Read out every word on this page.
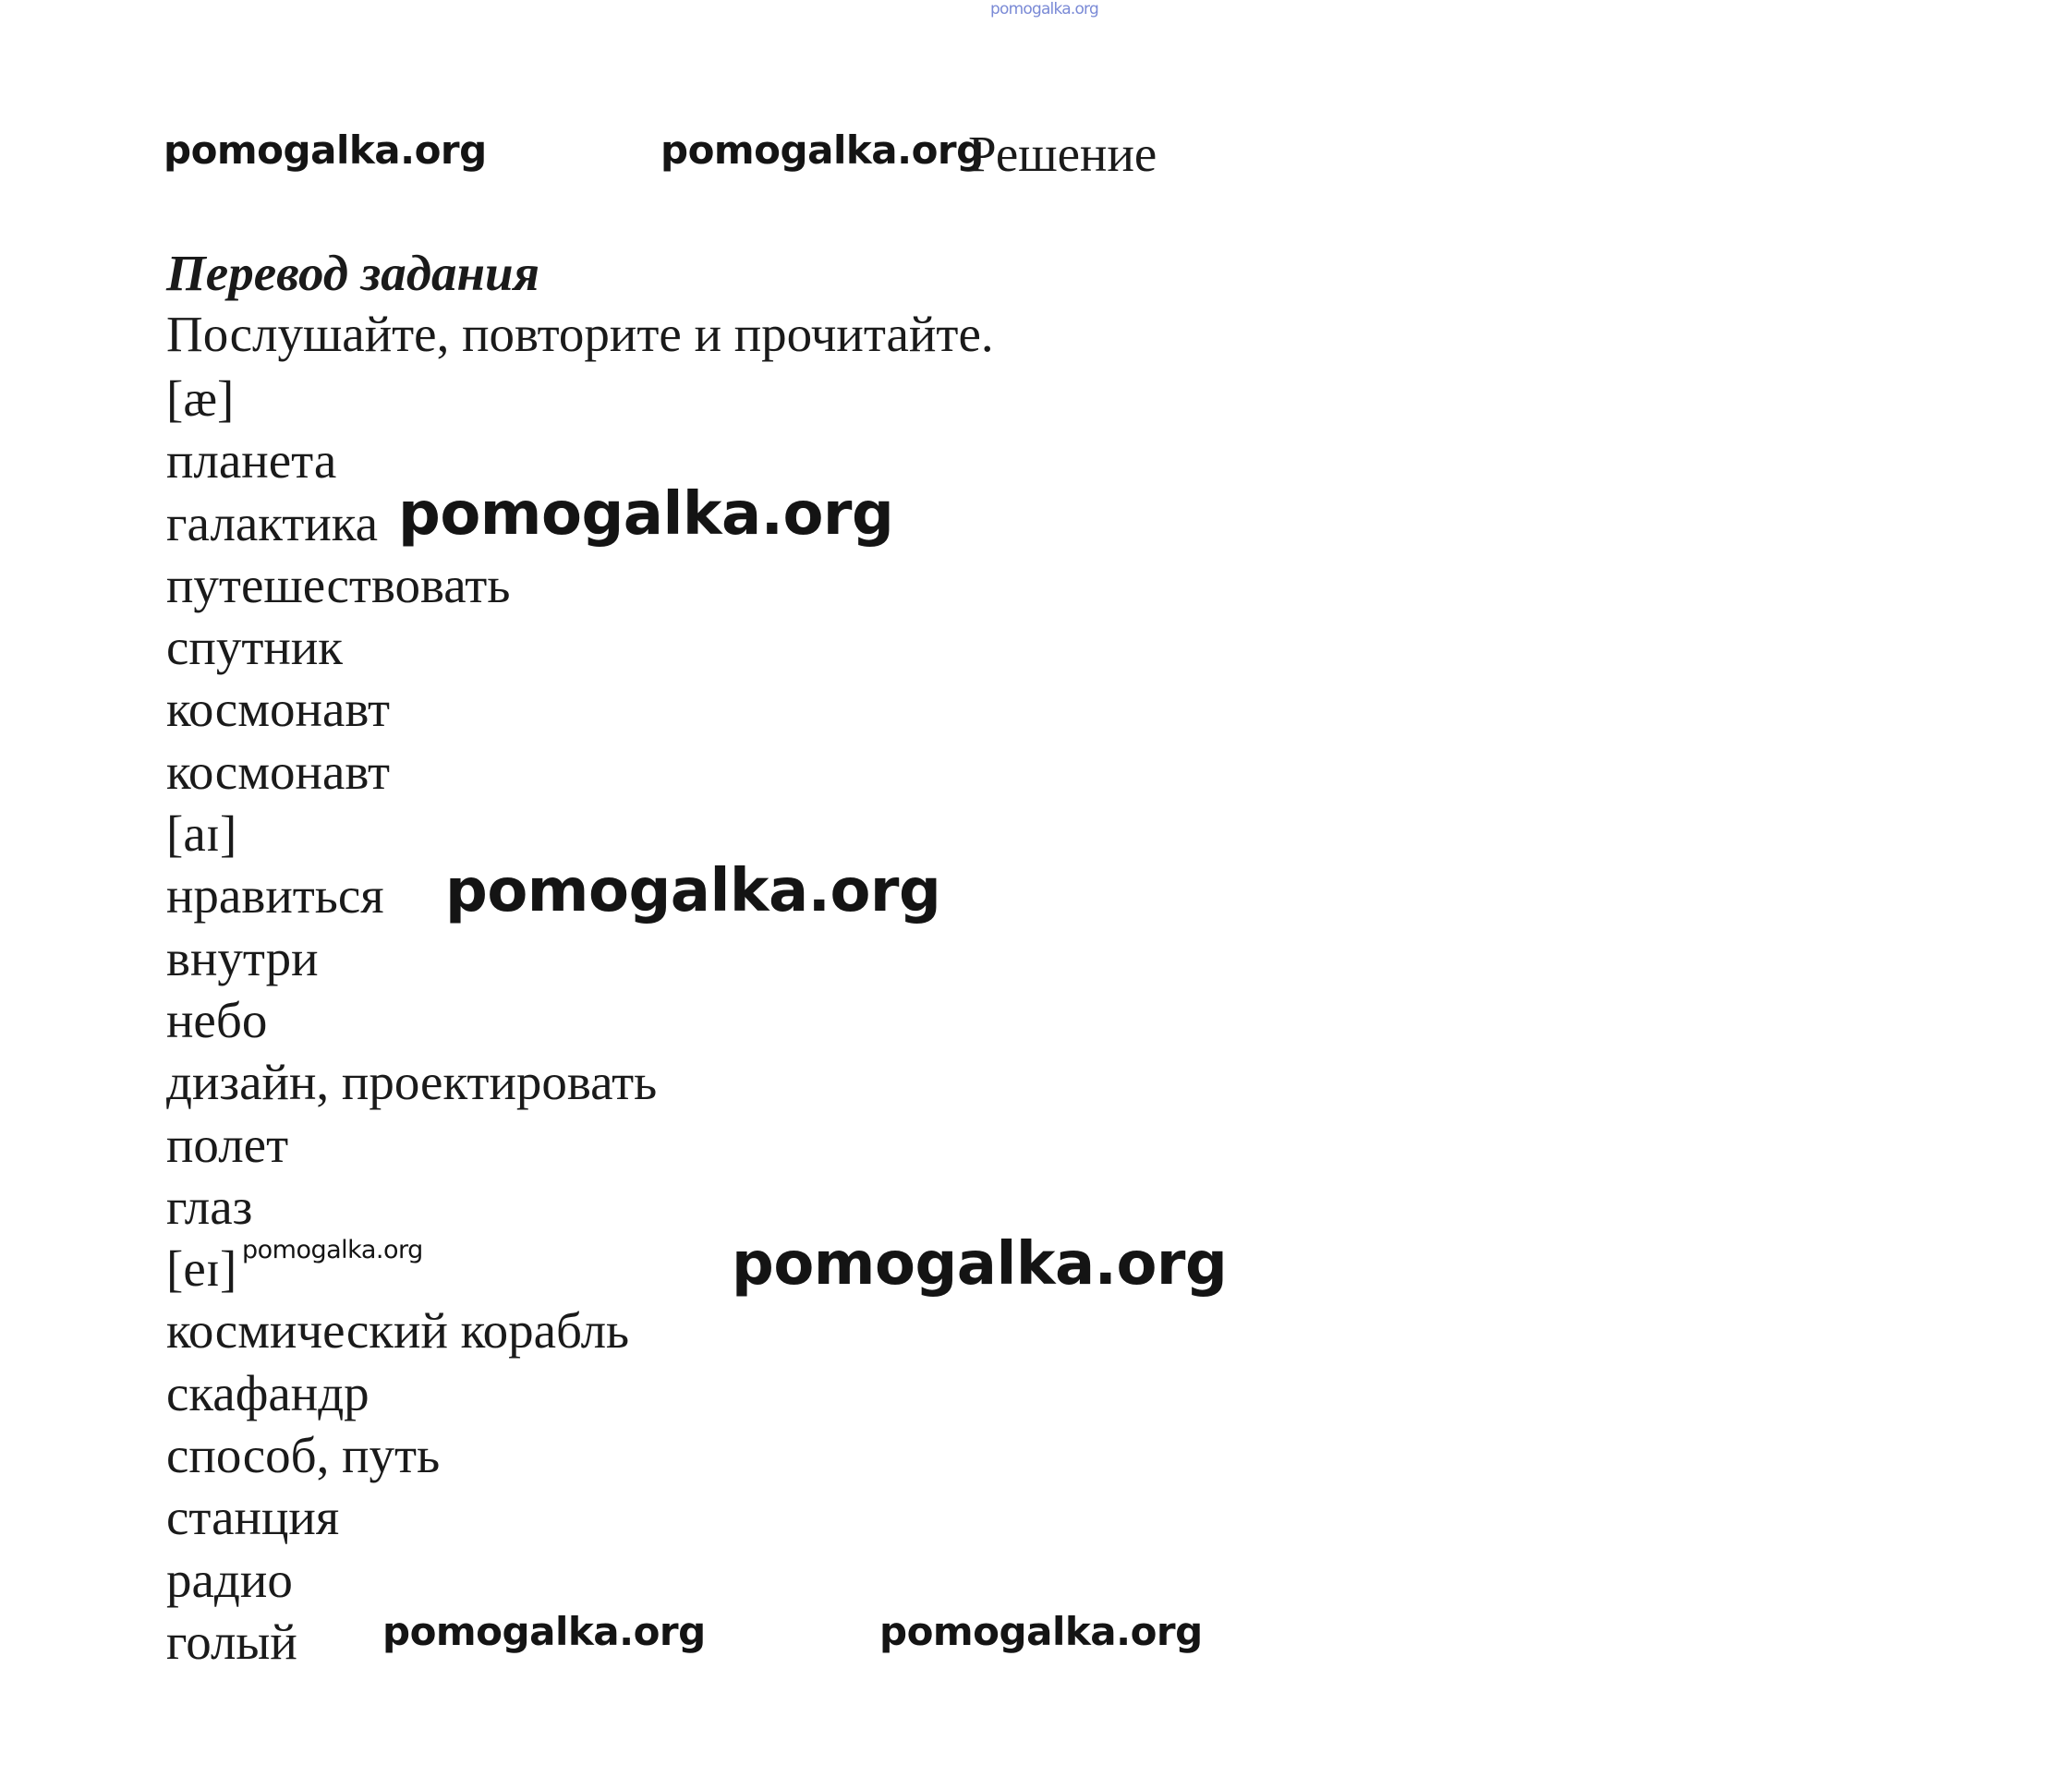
pomogalka.org
pomogalka.org	pomogalka.org
pomogalka.org
pomogalka.org
pomogalka.org	pomogalka.org
pomogalka.org	pomogalka.org
Решение
Перевод задания
Послушайте, повторите и прочитайте.
[æ]
планета
галактика
путешествовать
спутник
космонавт
космонавт
[aɪ]
нравиться
внутри
небо
дизайн, проектировать
полет
глаз
[eɪ]
космический корабль
скафандр
способ, путь
станция
радио
голый
